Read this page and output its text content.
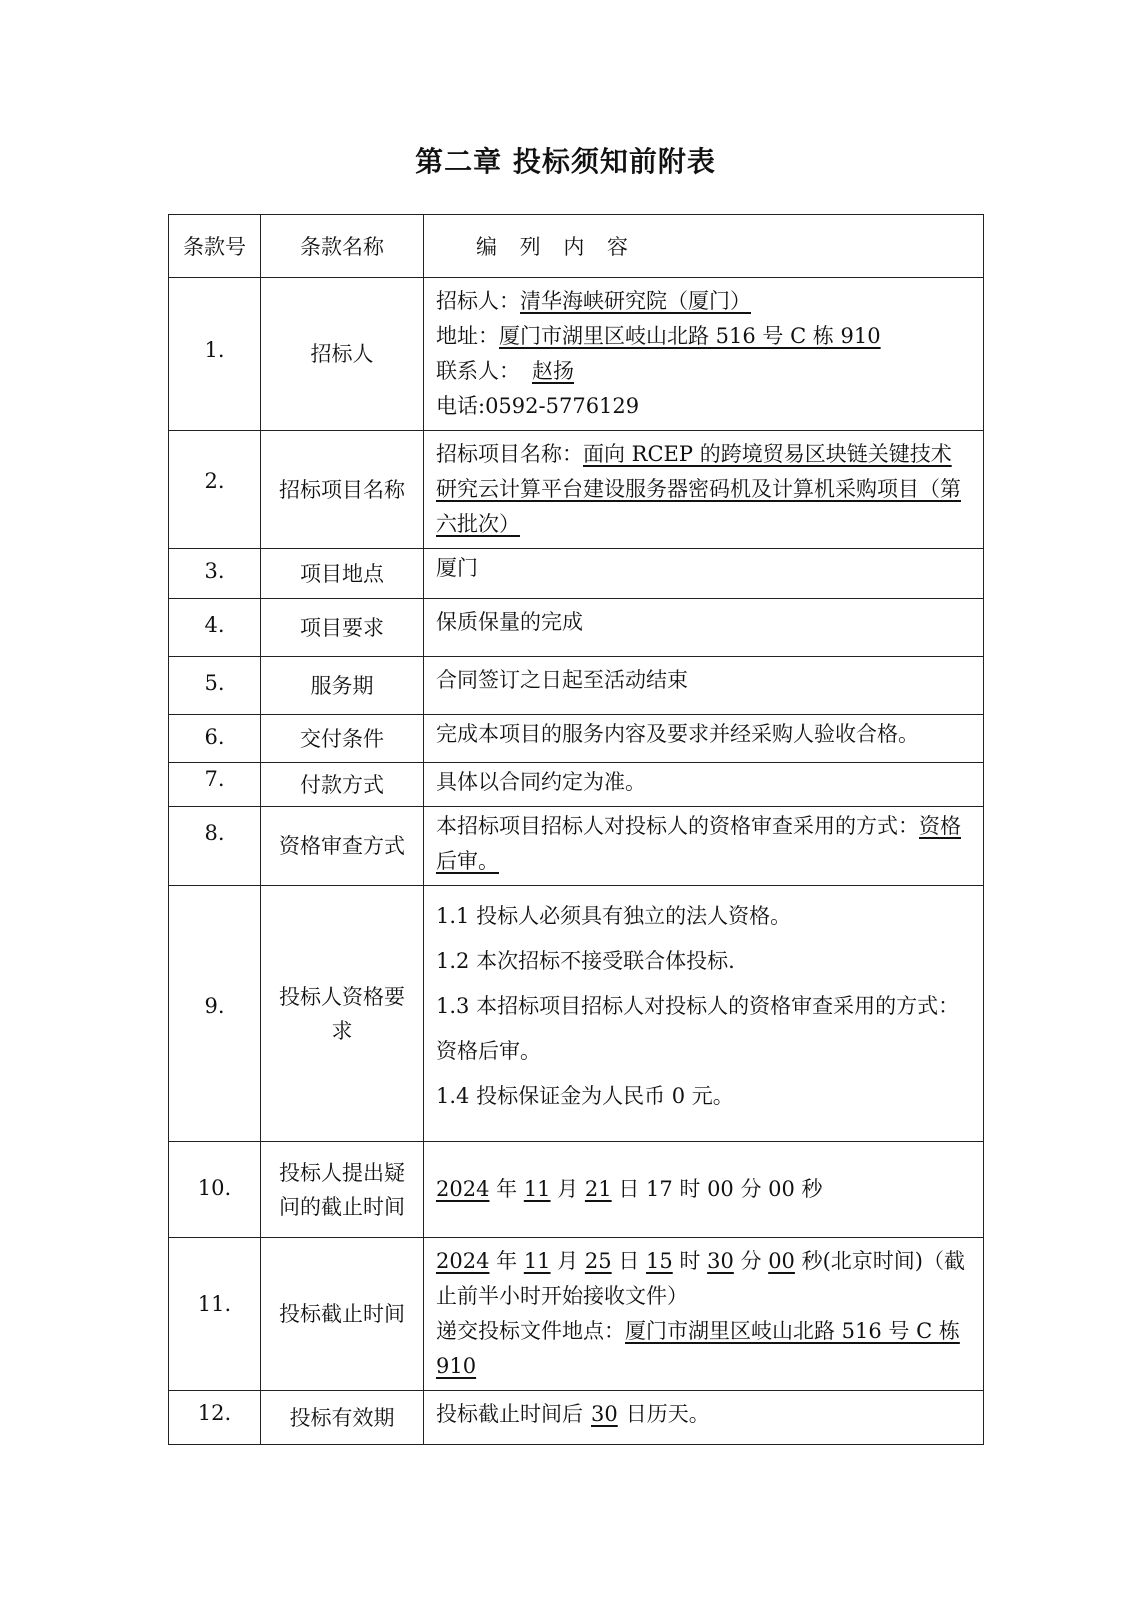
第二章 投标须知前附表
条款号	条款名称	编 列 内 容
1.	招标人	招标人：清华海峡研究院（厦门）
地址：厦门市湖里区岐山北路 516 号 C 栋 910
联系人： 赵扬
电话:0592-5776129

2.	招标项目名称	招标项目名称：面向 RCEP 的跨境贸易区块链关键技术研究云计算平台建设服务器密码机及计算机采购项目（第六批次）
3.	项目地点	厦门
4.	项目要求	保质保量的完成
5.	服务期	合同签订之日起至活动结束
6.	交付条件	完成本项目的服务内容及要求并经采购人验收合格。
7.	付款方式	具体以合同约定为准。
8.	资格审查方式	本招标项目招标人对投标人的资格审查采用的方式：资格后审。
9.	投标人资格要求	1.1 投标人必须具有独立的法人资格。

1.2 本次招标不接受联合体投标.

1.3 本招标项目招标人对投标人的资格审查采用的方式：资格后审。

1.4 投标保证金为人民币 0 元。

10.	投标人提出疑问的截止时间	2024 年 11 月 21 日 17 时 00 分 00 秒
11.	投标截止时间	2024 年 11 月 25 日 15 时 30 分 00 秒(北京时间)（截止前半小时开始接收文件）
递交投标文件地点：厦门市湖里区岐山北路 516 号 C 栋 910

12.	投标有效期	投标截止时间后 30 日历天。
